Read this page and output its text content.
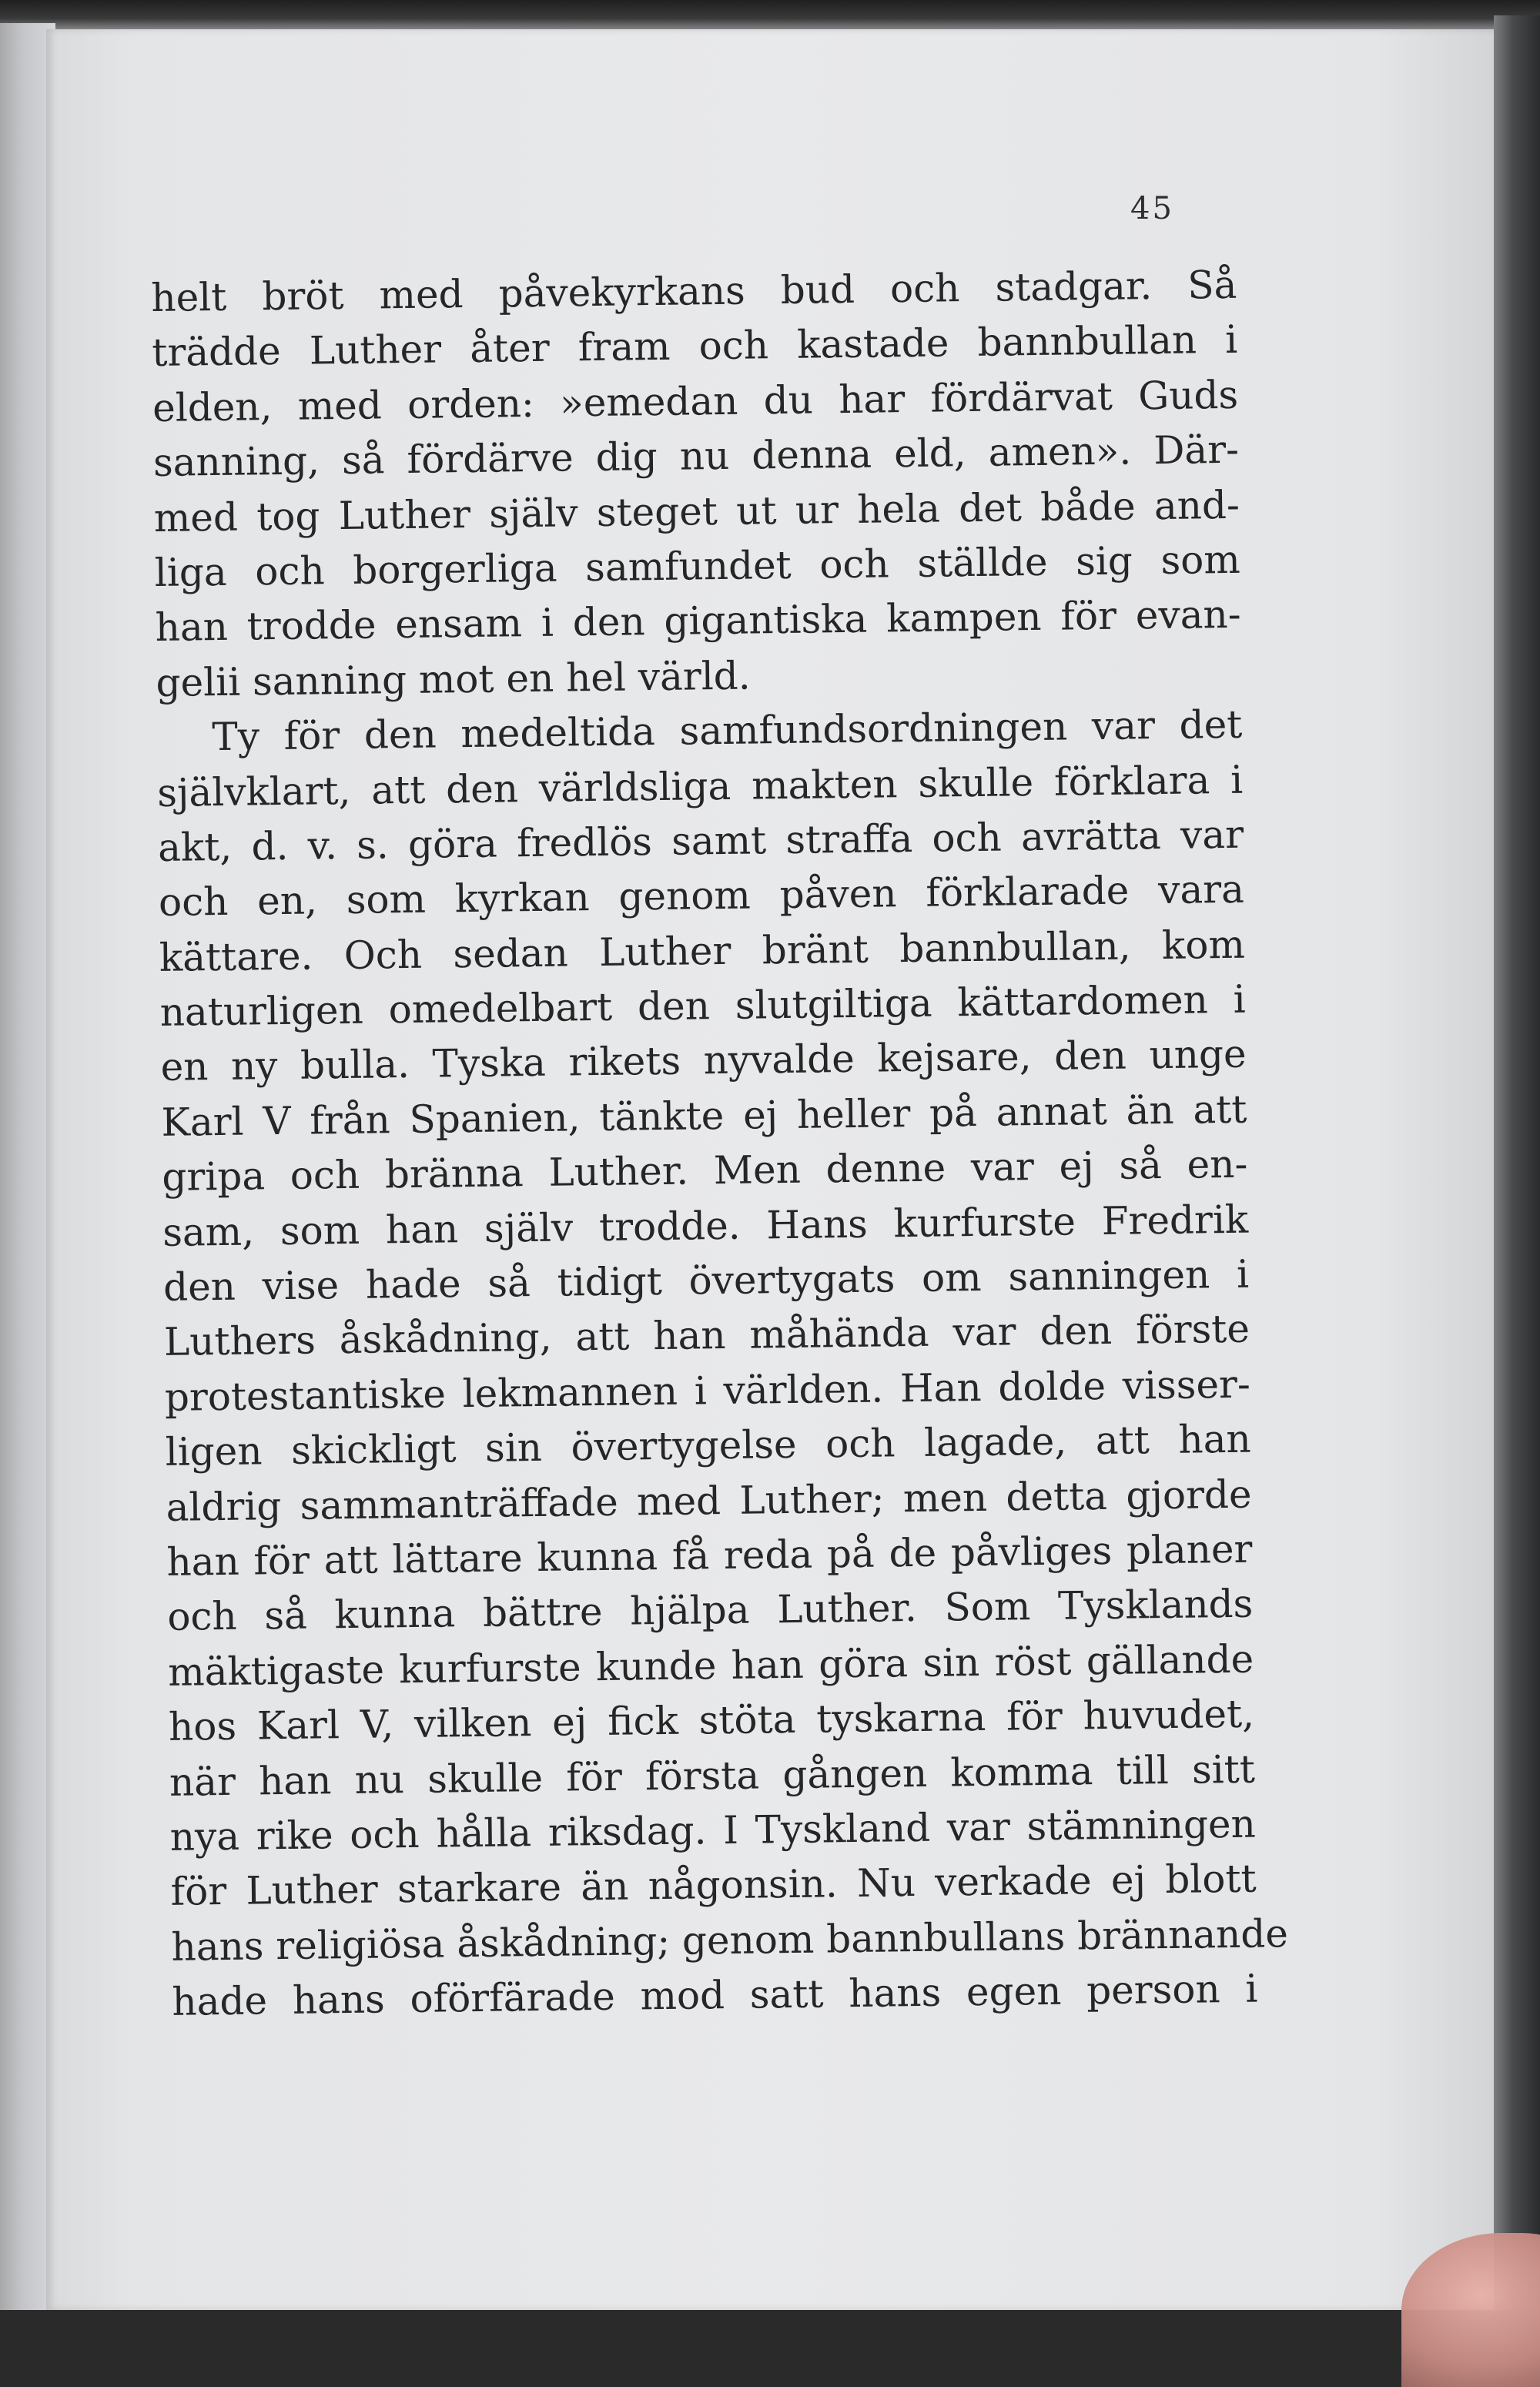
45
helt bröt med påvekyrkans bud och stadgar. Så
trädde Luther åter fram och kastade bannbullan i
elden, med orden: »emedan du har fördärvat Guds
sanning, så fördärve dig nu denna eld, amen». Där-
med tog Luther själv steget ut ur hela det både and-
liga och borgerliga samfundet och ställde sig som
han trodde ensam i den gigantiska kampen för evan-
gelii sanning mot en hel värld.
Ty för den medeltida samfundsordningen var det
självklart, att den världsliga makten skulle förklara i
akt, d. v. s. göra fredlös samt straffa och avrätta var
och en, som kyrkan genom påven förklarade vara
kättare. Och sedan Luther bränt bannbullan, kom
naturligen omedelbart den slutgiltiga kättardomen i
en ny bulla. Tyska rikets nyvalde kejsare, den unge
Karl V från Spanien, tänkte ej heller på annat än att
gripa och bränna Luther. Men denne var ej så en-
sam, som han själv trodde. Hans kurfurste Fredrik
den vise hade så tidigt övertygats om sanningen i
Luthers åskådning, att han måhända var den förste
protestantiske lekmannen i världen. Han dolde visser-
ligen skickligt sin övertygelse och lagade, att han
aldrig sammanträffade med Luther; men detta gjorde
han för att lättare kunna få reda på de påvliges planer
och så kunna bättre hjälpa Luther. Som Tysklands
mäktigaste kurfurste kunde han göra sin röst gällande
hos Karl V, vilken ej fick stöta tyskarna för huvudet,
när han nu skulle för första gången komma till sitt
nya rike och hålla riksdag. I Tyskland var stämningen
för Luther starkare än någonsin. Nu verkade ej blott
hans religiösa åskådning; genom bannbullans brännande
hade hans oförfärade mod satt hans egen person i
